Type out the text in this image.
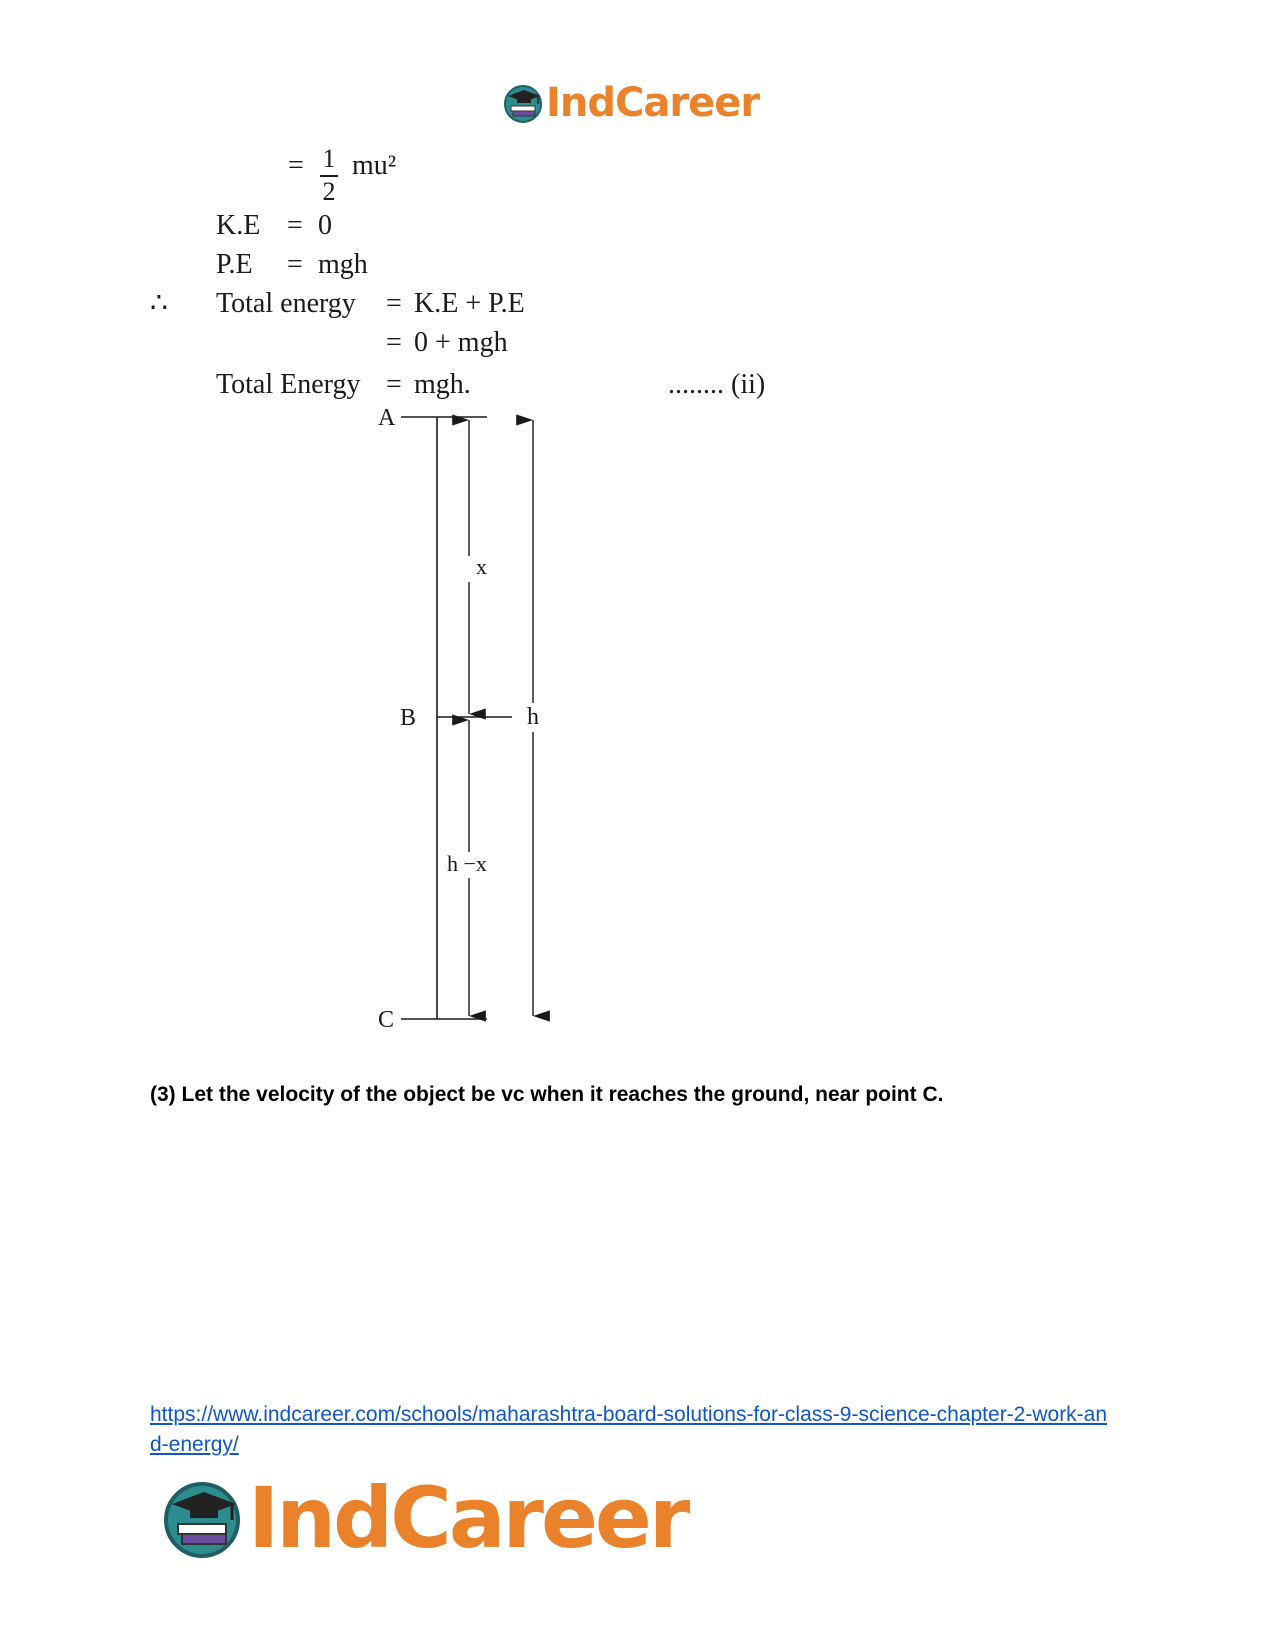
IndCareer
= 1
2
mu²
K.E = 0
P.E = mgh
∴ Total energy = K.E + P.E
= 0 + mgh
Total Energy = mgh.	........ (ii)
A
B
C
x
h
h −x
(3) Let the velocity of the object be vc when it reaches the ground, near point C.
https://www.indcareer.com/schools/maharashtra-board-solutions-for-class-9-science-chapter-2-work-and-energy/
IndCareer
